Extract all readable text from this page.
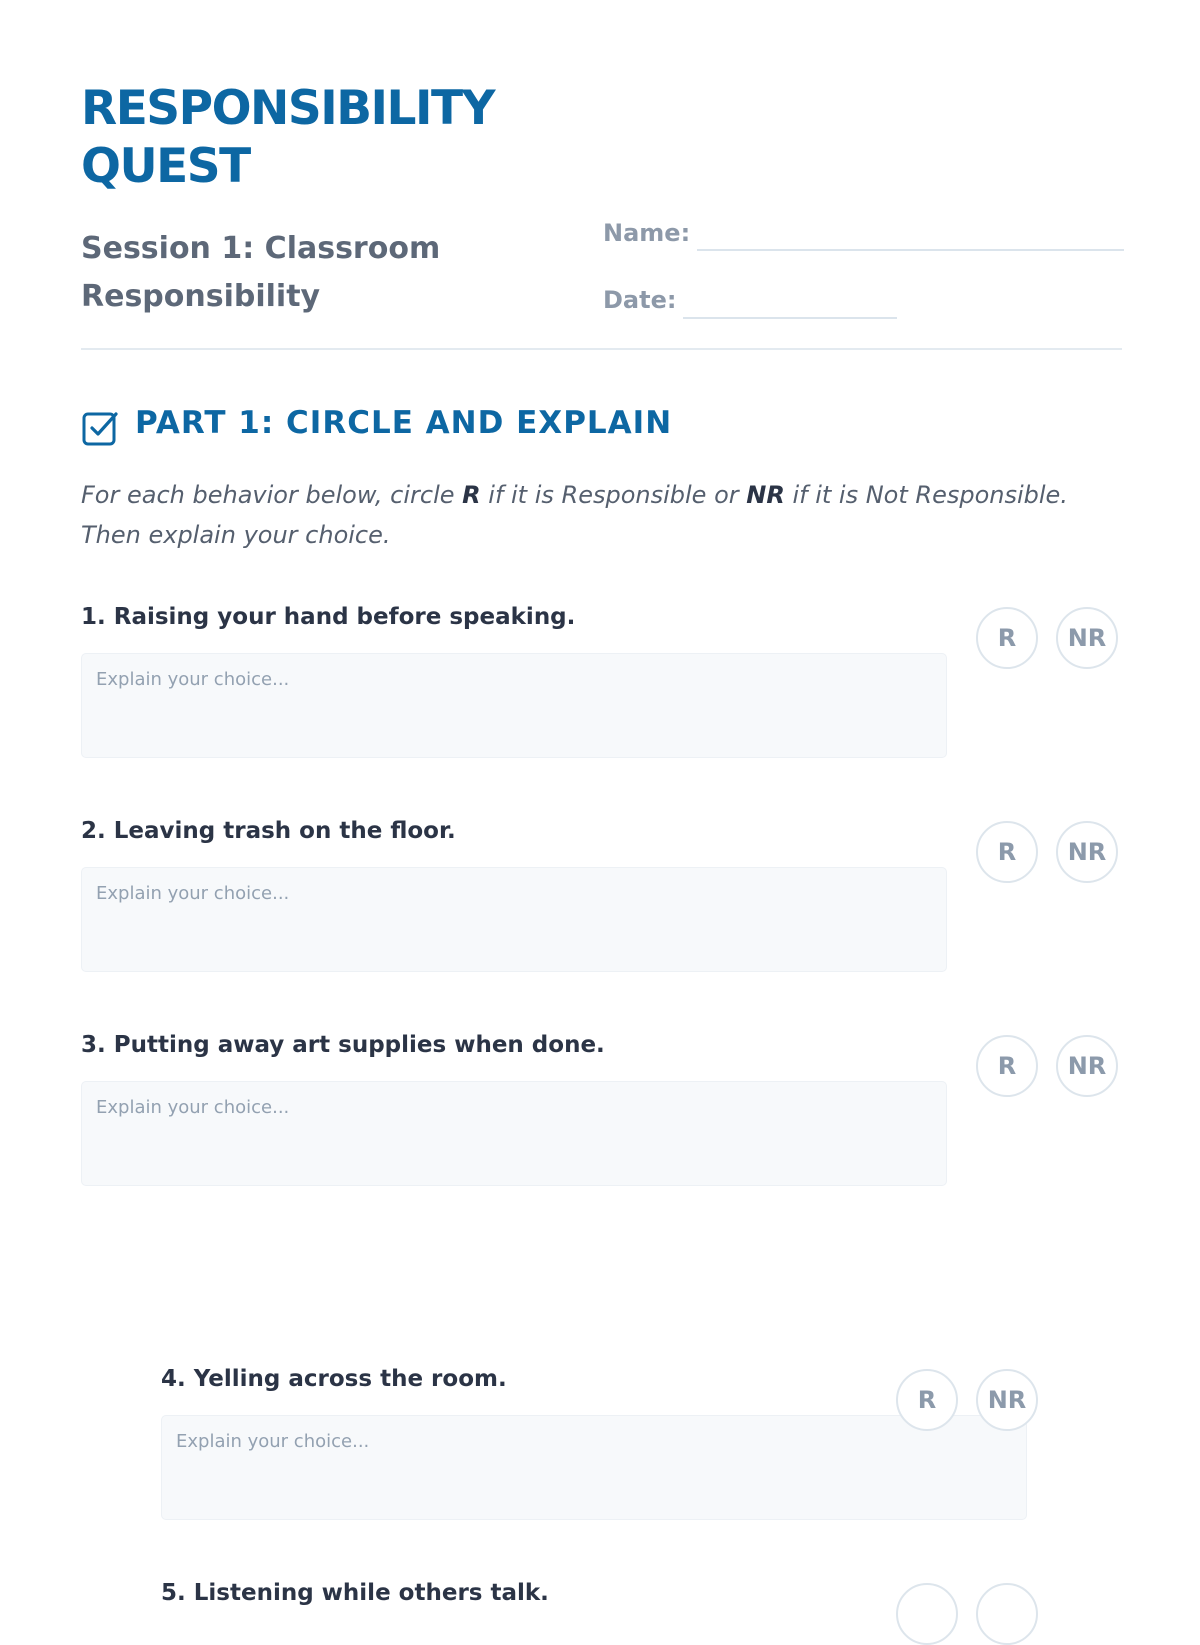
RESPONSIBILITY
QUEST
Session 1: Classroom
Responsibility
Name:
Date:
PART 1: CIRCLE AND EXPLAIN
For each behavior below, circle R if it is Responsible or NR if it is Not Responsible.
Then explain your choice.
1. Raising your hand before speaking.
Explain your choice...
R	NR
2. Leaving trash on the floor.
Explain your choice...
R	NR
3. Putting away art supplies when done.
Explain your choice...
R	NR
4. Yelling across the room.
Explain your choice...
R	NR
5. Listening while others talk.
